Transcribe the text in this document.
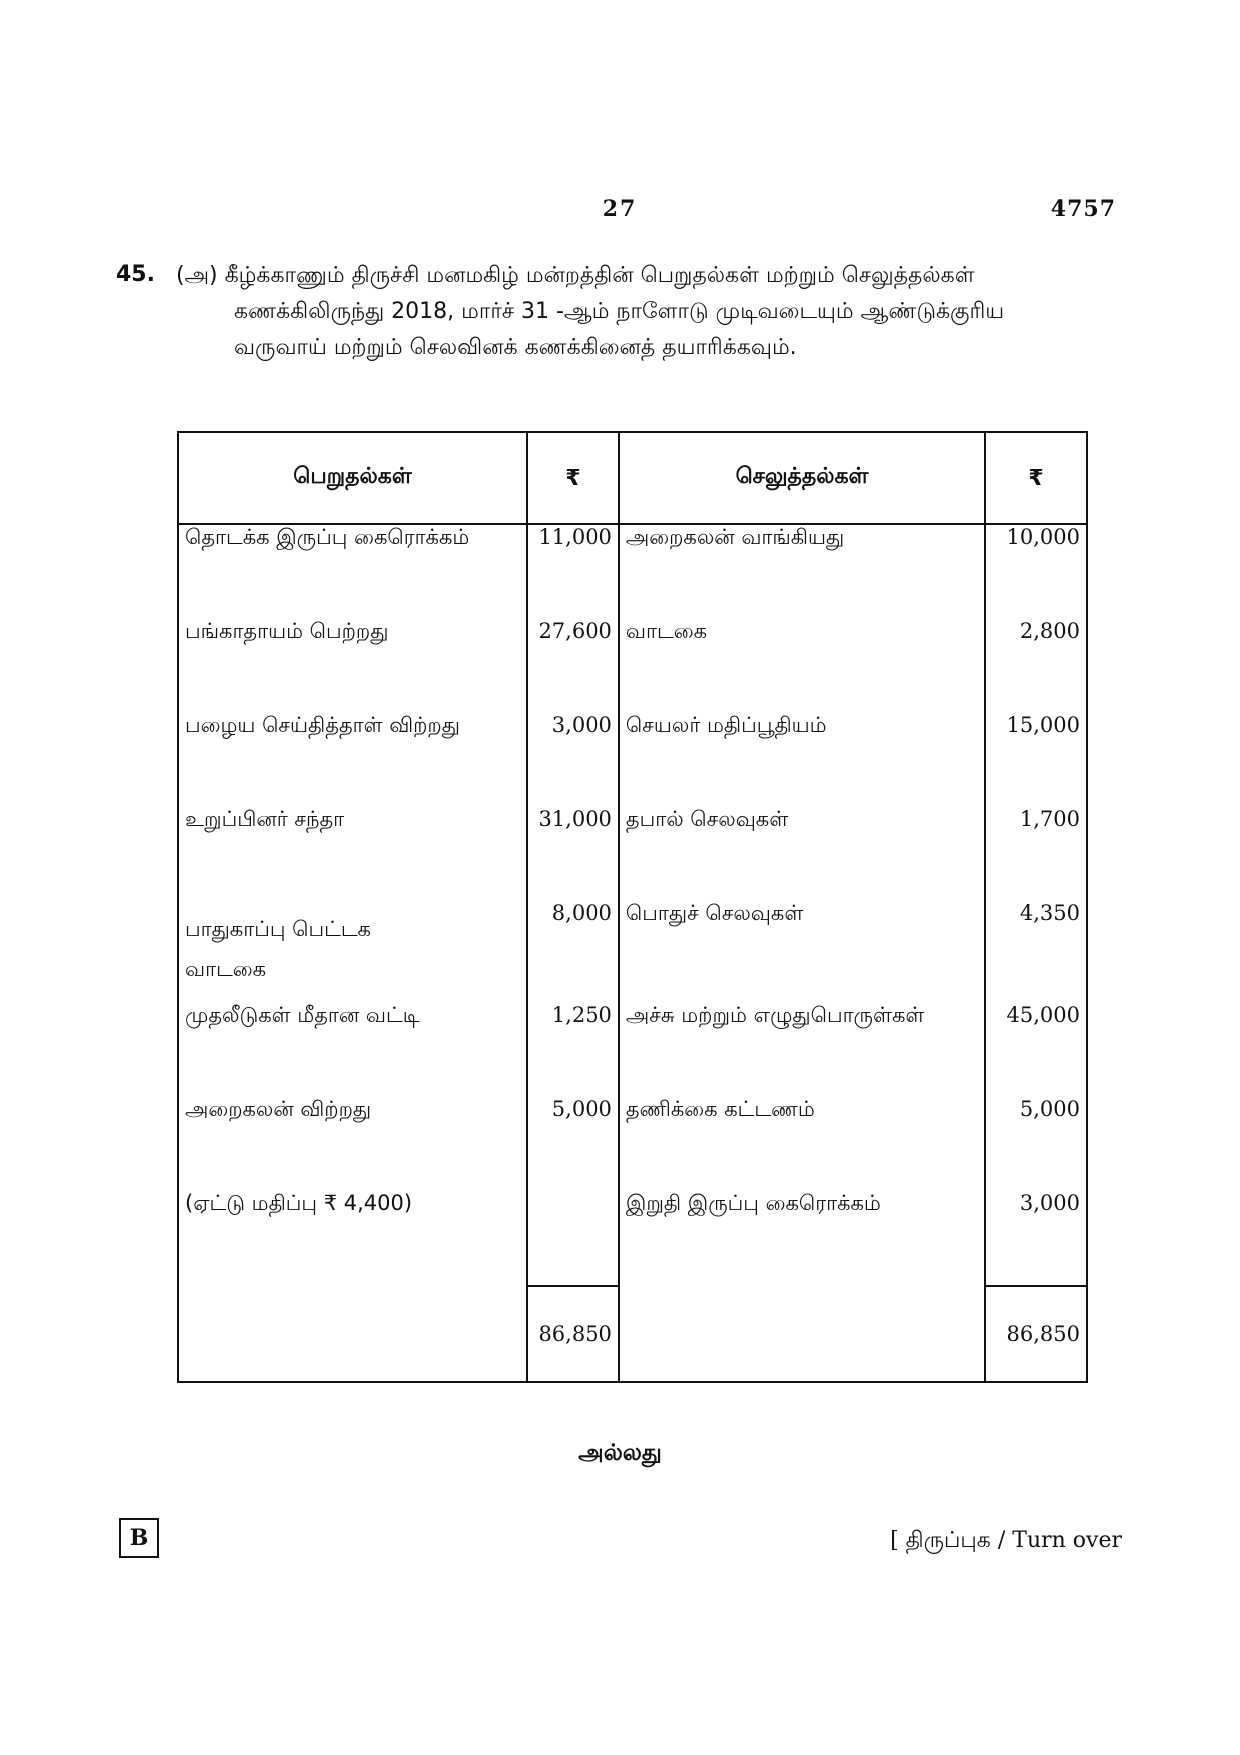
27	4757
45. (அ) கீழ்க்காணும் திருச்சி மனமகிழ் மன்றத்தின் பெறுதல்கள் மற்றும் செலுத்தல்கள்
கணக்கிலிருந்து 2018, மார்ச் 31 -ஆம் நாளோடு முடிவடையும் ஆண்டுக்குரிய
வருவாய் மற்றும் செலவினக் கணக்கினைத் தயாரிக்கவும்.
பெறுதல்கள்	₹	செலுத்தல்கள்	₹
தொடக்க இருப்பு கைரொக்கம்	11,000	அறைகலன் வாங்கியது	10,000
பங்காதாயம் பெற்றது	27,600	வாடகை	2,800
பழைய செய்தித்தாள் விற்றது	3,000	செயலர் மதிப்பூதியம்	15,000
உறுப்பினர் சந்தா	31,000	தபால் செலவுகள்	1,700

பாதுகாப்பு பெட்டக
வாடகை	8,000	பொதுச் செலவுகள்	4,350
முதலீடுகள் மீதான வட்டி	1,250	அச்சு மற்றும் எழுதுபொருள்கள்	45,000
அறைகலன் விற்றது	5,000	தணிக்கை கட்டணம்	5,000
(ஏட்டு மதிப்பு ₹ 4,400)		இறுதி இருப்பு கைரொக்கம்	3,000
	86,850		86,850
அல்லது
B	[ திருப்புக / Turn over
